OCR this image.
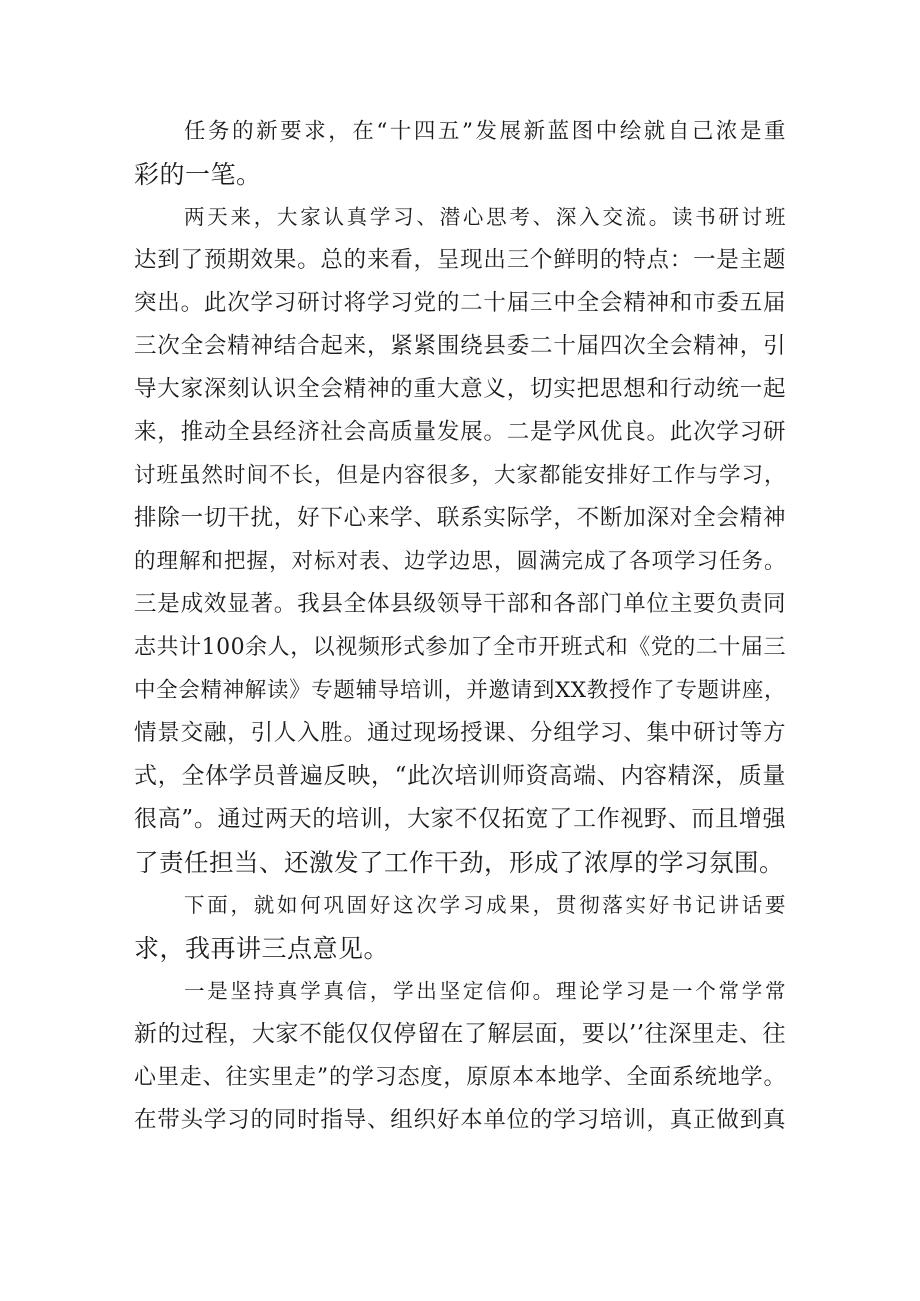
任务的新要求，在“十四五”发展新蓝图中绘就自己浓是重
彩的一笔。

两天来，大家认真学习、潜心思考、深入交流。读书研讨班
达到了预期效果。总的来看，呈现出三个鲜明的特点：一是主题
突出。此次学习研讨将学习党的二十届三中全会精神和市委五届
三次全会精神结合起来，紧紧围绕县委二十届四次全会精神，引
导大家深刻认识全会精神的重大意义，切实把思想和行动统一起
来，推动全县经济社会高质量发展。二是学风优良。此次学习研
讨班虽然时间不长，但是内容很多，大家都能安排好工作与学习，
排除一切干扰，好下心来学、联系实际学，不断加深对全会精神
的理解和把握，对标对表、边学边思，圆满完成了各项学习任务。
三是成效显著。我县全体县级领导干部和各部门单位主要负责同
志共计100余人，以视频形式参加了全市开班式和《党的二十届三
中全会精神解读》专题辅导培训，并邀请到XX教授作了专题讲座，
情景交融，引人入胜。通过现场授课、分组学习、集中研讨等方
式，全体学员普遍反映，“此次培训师资高端、内容精深，质量
很高”。通过两天的培训，大家不仅拓宽了工作视野、而且增强
了责任担当、还激发了工作干劲，形成了浓厚的学习氛围。

下面，就如何巩固好这次学习成果，贯彻落实好书记讲话要
求，我再讲三点意见。

一是坚持真学真信，学出坚定信仰。理论学习是一个常学常
新的过程，大家不能仅仅停留在了解层面，要以’’往深里走、往
心里走、往实里走”的学习态度，原原本本地学、全面系统地学。
在带头学习的同时指导、组织好本单位的学习培训，真正做到真
